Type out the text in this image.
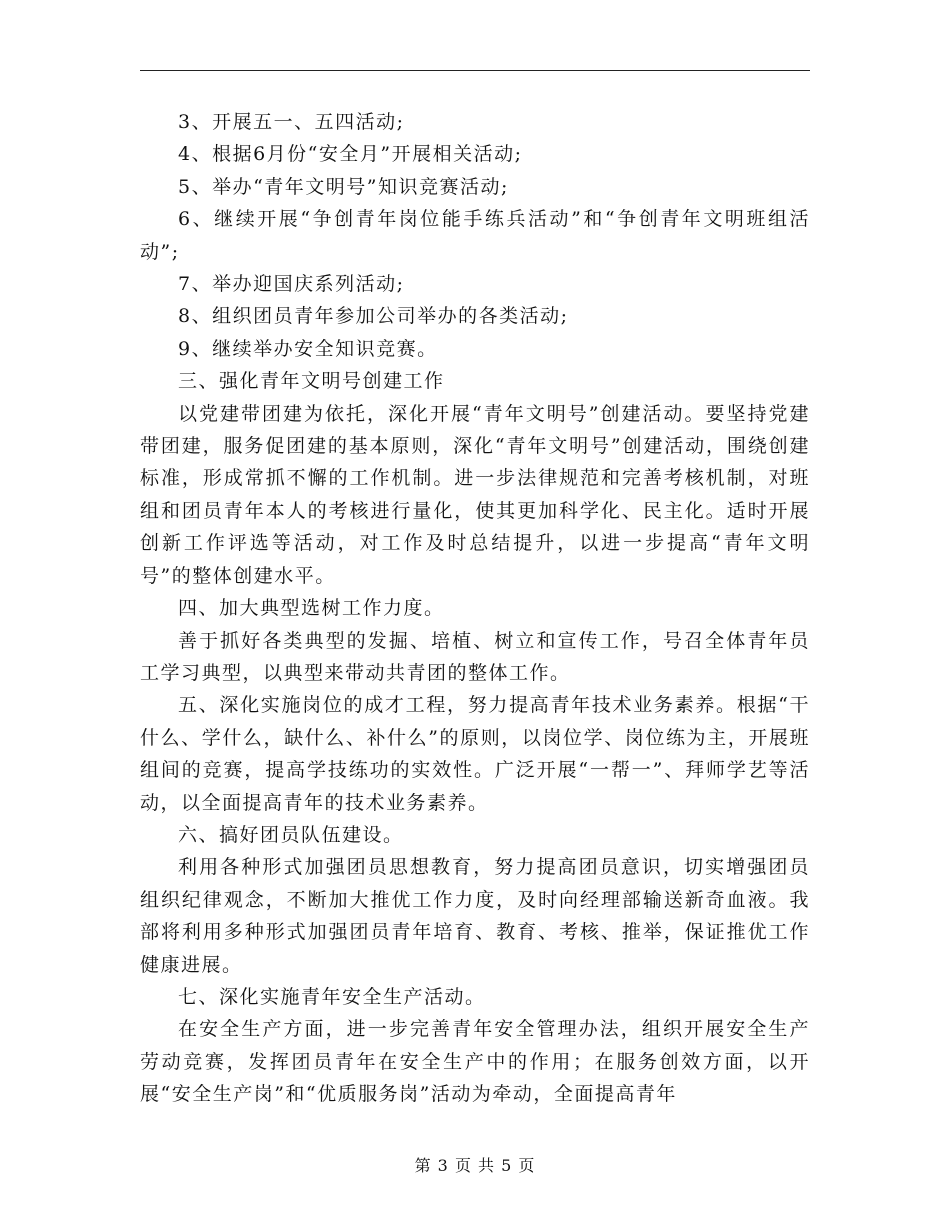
3、开展五一、五四活动;

4、根据6月份“安全月”开展相关活动;

5、举办“青年文明号”知识竞赛活动;

6、继续开展“争创青年岗位能手练兵活动”和“争创青年文明班组活动”;

7、举办迎国庆系列活动;

8、组织团员青年参加公司举办的各类活动;

9、继续举办安全知识竞赛。

三、强化青年文明号创建工作

以党建带团建为依托，深化开展“青年文明号”创建活动。要坚持党建带团建，服务促团建的基本原则，深化“青年文明号”创建活动，围绕创建标准，形成常抓不懈的工作机制。进一步法律规范和完善考核机制，对班组和团员青年本人的考核进行量化，使其更加科学化、民主化。适时开展创新工作评选等活动，对工作及时总结提升，以进一步提高“青年文明号”的整体创建水平。

四、加大典型选树工作力度。

善于抓好各类典型的发掘、培植、树立和宣传工作，号召全体青年员工学习典型，以典型来带动共青团的整体工作。

五、深化实施岗位的成才工程，努力提高青年技术业务素养。根据“干什么、学什么，缺什么、补什么”的原则，以岗位学、岗位练为主，开展班组间的竞赛，提高学技练功的实效性。广泛开展“一帮一”、拜师学艺等活动，以全面提高青年的技术业务素养。

六、搞好团员队伍建设。

利用各种形式加强团员思想教育，努力提高团员意识，切实增强团员组织纪律观念，不断加大推优工作力度，及时向经理部输送新奇血液。我部将利用多种形式加强团员青年培育、教育、考核、推举，保证推优工作健康进展。

七、深化实施青年安全生产活动。

在安全生产方面，进一步完善青年安全管理办法，组织开展安全生产劳动竞赛，发挥团员青年在安全生产中的作用；在服务创效方面，以开展“安全生产岗”和“优质服务岗”活动为牵动，全面提高青年

第 3 页 共 5 页
